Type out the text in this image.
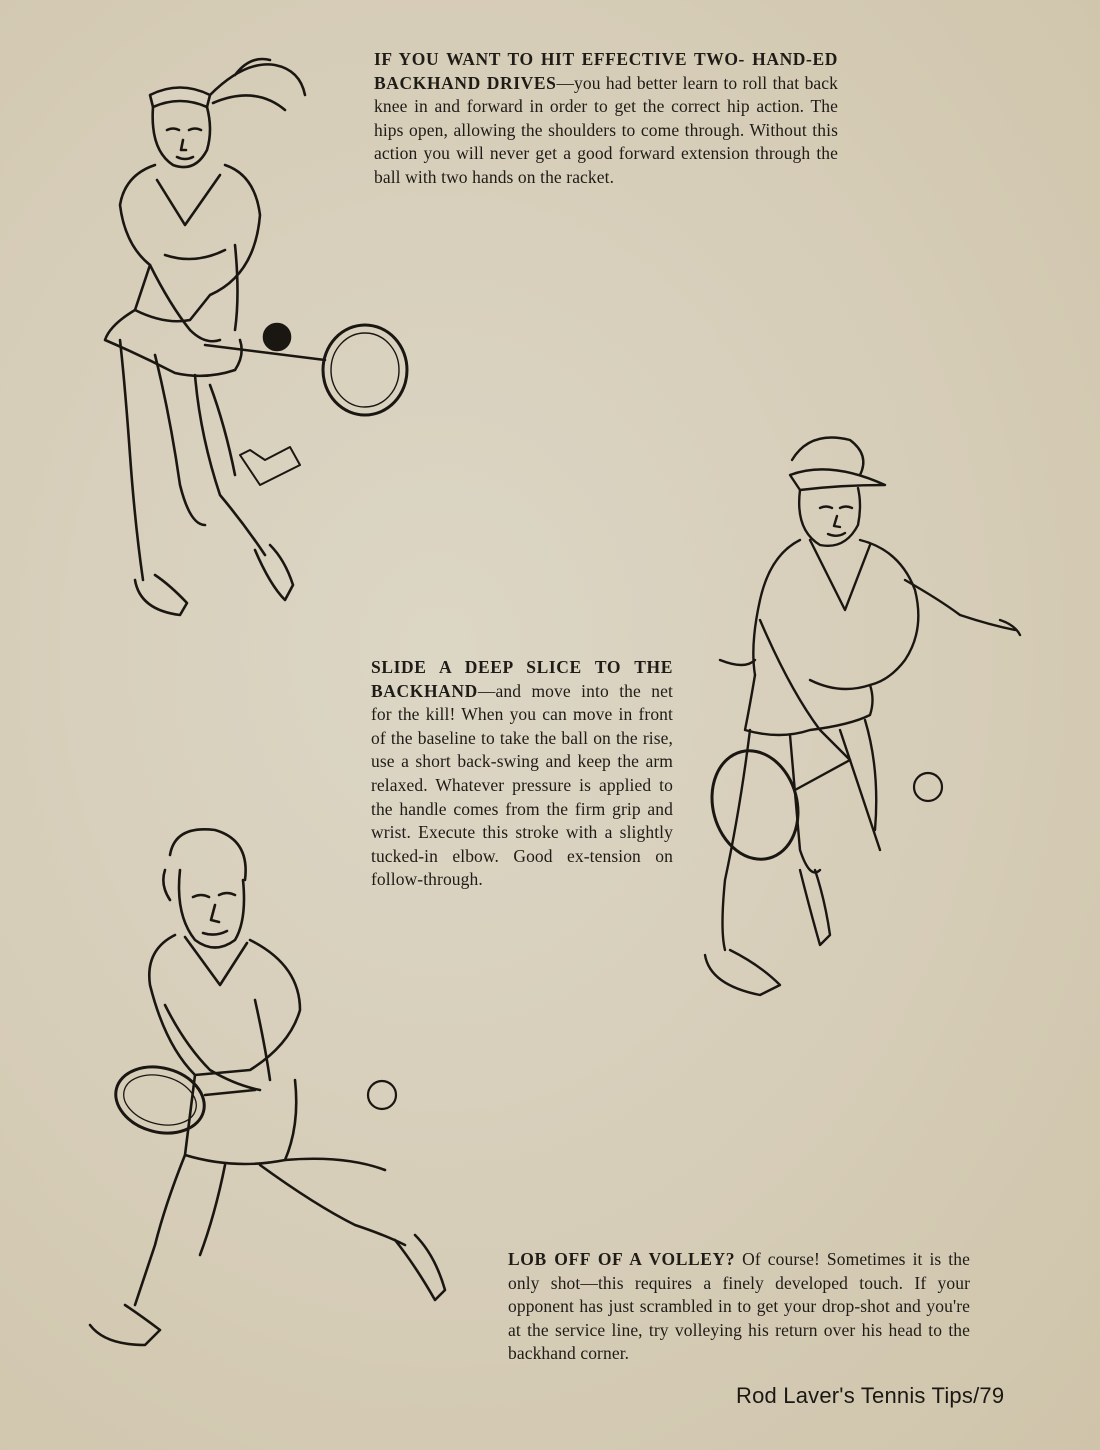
IF YOU WANT TO HIT EFFECTIVE TWO- HAND-ED BACKHAND DRIVES—you had better learn to roll that back knee in and forward in order to get the correct hip action. The hips open, allowing the shoulders to come through. Without this action you will never get a good forward extension through the ball with two hands on the racket.
SLIDE A DEEP SLICE TO THE BACKHAND—and move into the net for the kill! When you can move in front of the baseline to take the ball on the rise, use a short back-swing and keep the arm relaxed. Whatever pressure is applied to the handle comes from the firm grip and wrist. Execute this stroke with a slightly tucked-in elbow. Good ex-tension on follow-through.
LOB OFF OF A VOLLEY? Of course! Sometimes it is the only shot—this requires a finely developed touch. If your opponent has just scrambled in to get your drop-shot and you're at the service line, try volleying his return over his head to the backhand corner.
Rod Laver's Tennis Tips/79
